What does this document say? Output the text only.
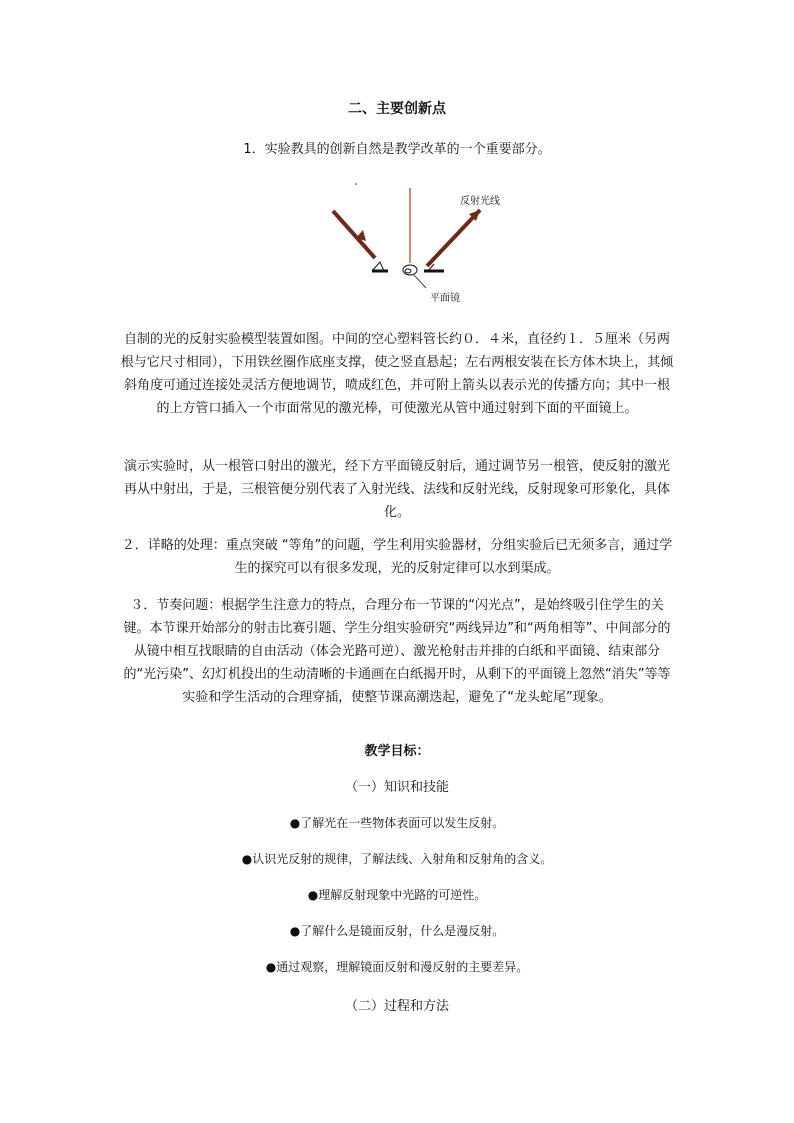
二、主要创新点
1．实验教具的创新自然是教学改革的一个重要部分。
反射光线
平面镜
自制的光的反射实验模型装置如图。中间的空心塑料管长约０．４米，直径约１．５厘米（另两根与它尺寸相同），下用铁丝圈作底座支撑，使之竖直悬起；左右两根安装在长方体木块上，其倾斜角度可通过连接处灵活方便地调节，喷成红色，并可附上箭头以表示光的传播方向；其中一根的上方管口插入一个市面常见的激光棒，可使激光从管中通过射到下面的平面镜上。
演示实验时，从一根管口射出的激光，经下方平面镜反射后，通过调节另一根管，使反射的激光再从中射出，于是，三根管便分别代表了入射光线、法线和反射光线，反射现象可形象化，具体化。
２．详略的处理：重点突破 “等角”的问题，学生利用实验器材，分组实验后已无须多言，通过学生的探究可以有很多发现，光的反射定律可以水到渠成。
３．节奏问题：根据学生注意力的特点，合理分布一节课的“闪光点”，是始终吸引住学生的关键。本节课开始部分的射击比赛引题、学生分组实验研究“两线异边”和“两角相等”、中间部分的从镜中相互找眼睛的自由活动（体会光路可逆）、激光枪射击并排的白纸和平面镜、结束部分的“光污染”、幻灯机投出的生动清晰的卡通画在白纸揭开时，从剩下的平面镜上忽然“消失”等等实验和学生活动的合理穿插，使整节课高潮迭起，避免了“龙头蛇尾”现象。
教学目标：
（一）知识和技能
●了解光在一些物体表面可以发生反射。
●认识光反射的规律，了解法线、入射角和反射角的含义。
●理解反射现象中光路的可逆性。
●了解什么是镜面反射，什么是漫反射。
●通过观察，理解镜面反射和漫反射的主要差异。
（二）过程和方法
